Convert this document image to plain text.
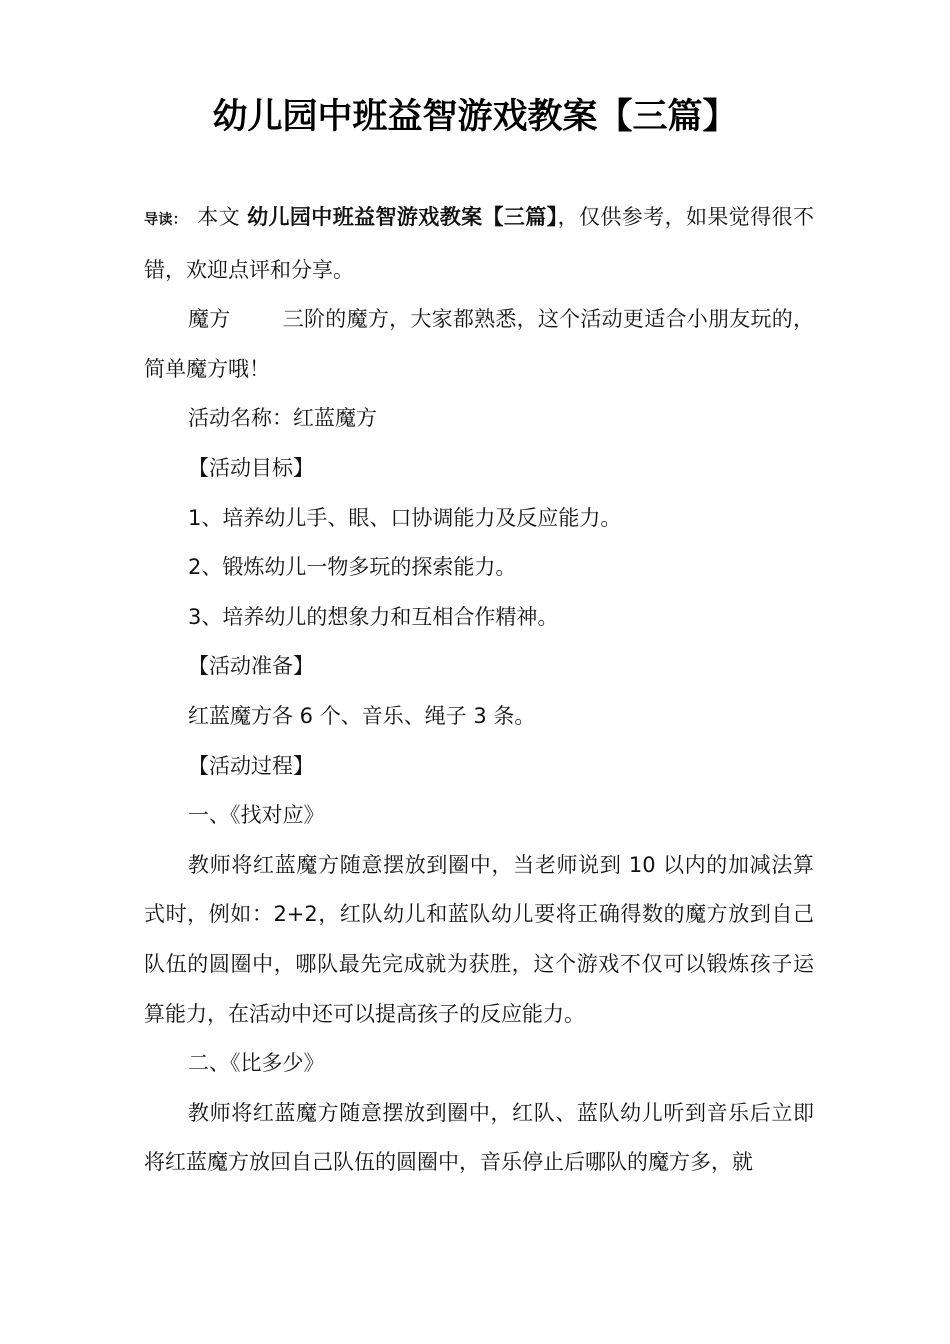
幼儿园中班益智游戏教案【三篇】

导读： 本文 幼儿园中班益智游戏教案【三篇】，仅供参考，如果觉得很不错，欢迎点评和分享。

魔方 三阶的魔方，大家都熟悉，这个活动更适合小朋友玩的，简单魔方哦！

活动名称：红蓝魔方

【活动目标】

1、培养幼儿手、眼、口协调能力及反应能力。

2、锻炼幼儿一物多玩的探索能力。

3、培养幼儿的想象力和互相合作精神。

【活动准备】

红蓝魔方各 6 个、音乐、绳子 3 条。

【活动过程】

一、《找对应》

教师将红蓝魔方随意摆放到圈中，当老师说到 10 以内的加减法算式时，例如：2+2，红队幼儿和蓝队幼儿要将正确得数的魔方放到自己队伍的圆圈中，哪队最先完成就为获胜，这个游戏不仅可以锻炼孩子运算能力，在活动中还可以提高孩子的反应能力。

二、《比多少》

教师将红蓝魔方随意摆放到圈中，红队、蓝队幼儿听到音乐后立即将红蓝魔方放回自己队伍的圆圈中，音乐停止后哪队的魔方多，就
